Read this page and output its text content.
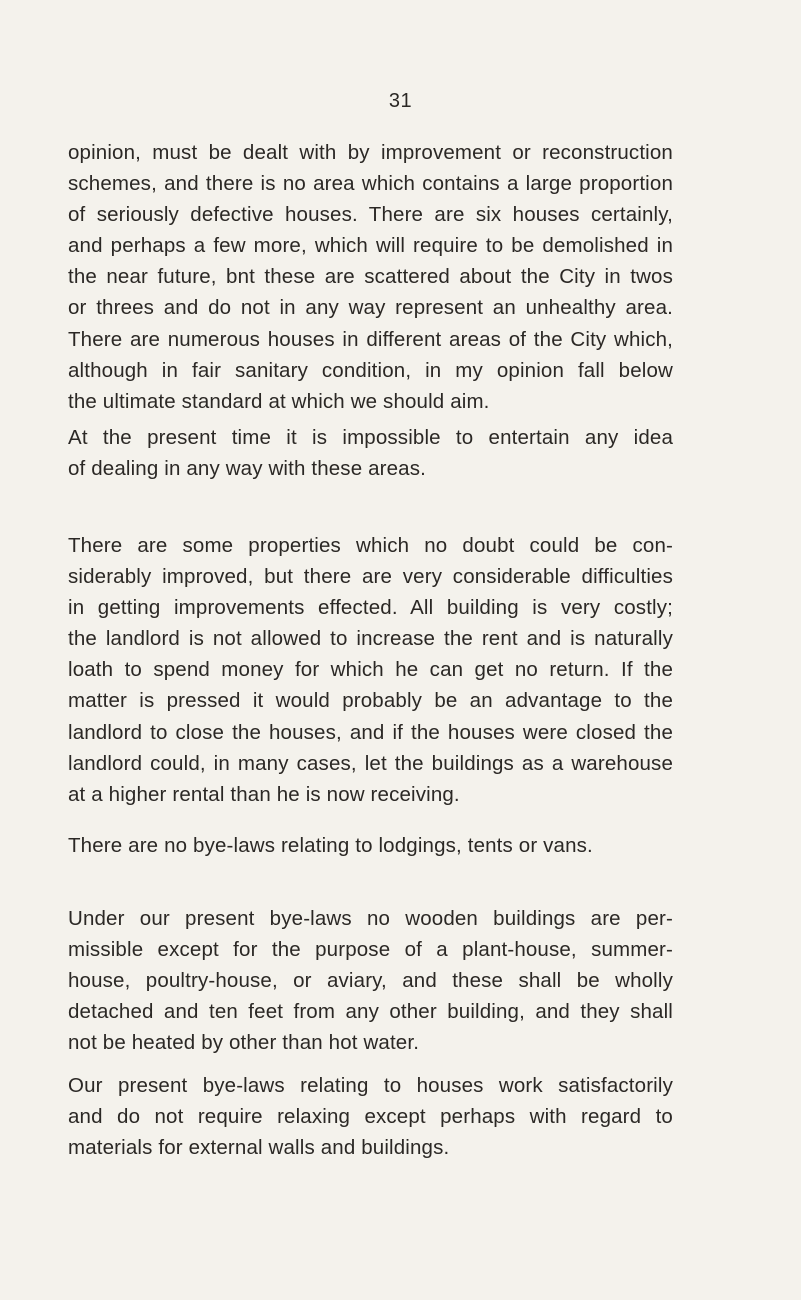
31
opinion, must be dealt with by improvement or reconstruction
schemes, and there is no area which contains a large proportion
of seriously defective houses. There are six houses certainly,
and perhaps a few more, which will require to be demolished in
the near future, bnt these are scattered about the City in twos
or threes and do not in any way represent an unhealthy area.
There are numerous houses in different areas of the City which,
although in fair sanitary condition, in my opinion fall below
the ultimate standard at which we should aim.
At the present time it is impossible to entertain any idea
of dealing in any way with these areas.
There are some properties which no doubt could be con-
siderably improved, but there are very considerable difficulties
in getting improvements effected. All building is very costly;
the landlord is not allowed to increase the rent and is naturally
loath to spend money for which he can get no return. If the
matter is pressed it would probably be an advantage to the
landlord to close the houses, and if the houses were closed the
landlord could, in many cases, let the buildings as a warehouse
at a higher rental than he is now receiving.
There are no bye-laws relating to lodgings, tents or vans.
Under our present bye-laws no wooden buildings are per-
missible except for the purpose of a plant-house, summer-
house, poultry-house, or aviary, and these shall be wholly
detached and ten feet from any other building, and they shall
not be heated by other than hot water.
Our present bye-laws relating to houses work satisfactorily
and do not require relaxing except perhaps with regard to
materials for external walls and buildings.
